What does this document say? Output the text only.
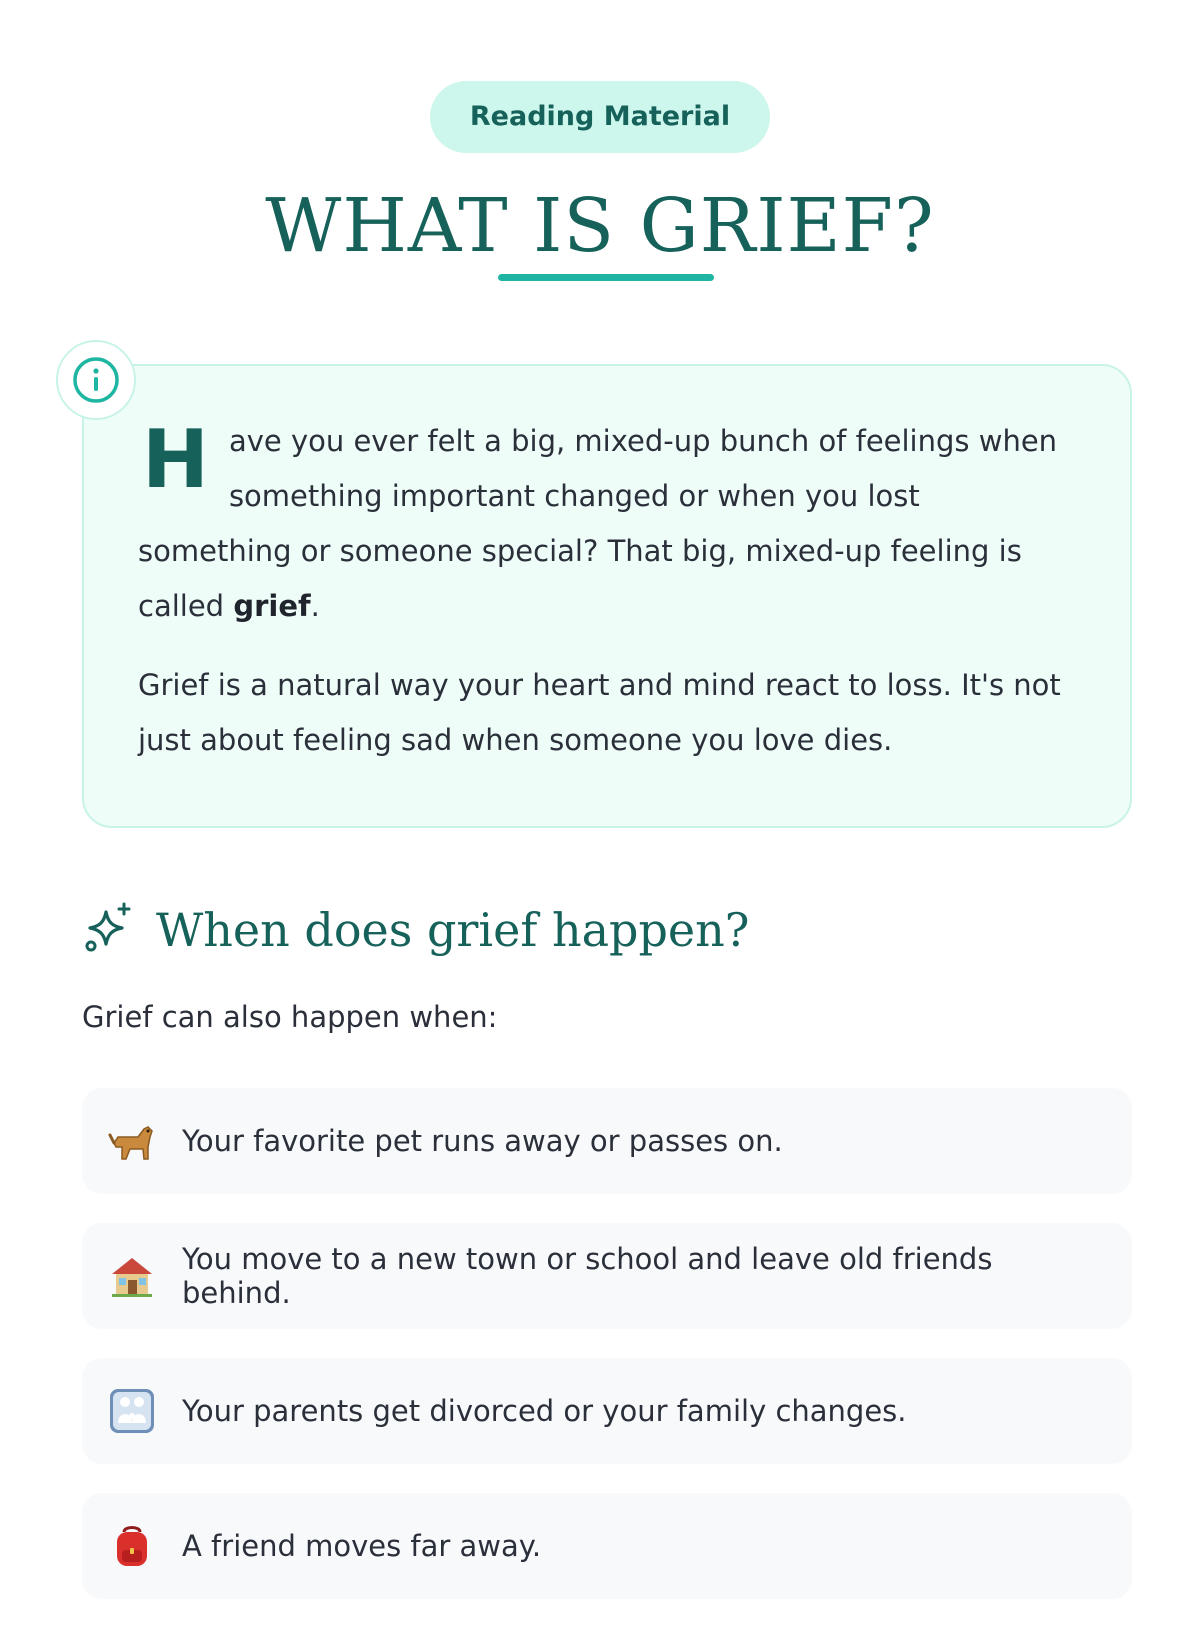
Reading Material
WHAT IS GRIEF?

Have you ever felt a big, mixed-up bunch of feelings when something important changed or when you lost something or someone special? That big, mixed-up feeling is called grief.

Grief is a natural way your heart and mind react to loss. It's not just about feeling sad when someone you love dies.

When does grief happen?

Grief can also happen when:

Your favorite pet runs away or passes on.
You move to a new town or school and leave old friends behind.
Your parents get divorced or your family changes.
A friend moves far away.
